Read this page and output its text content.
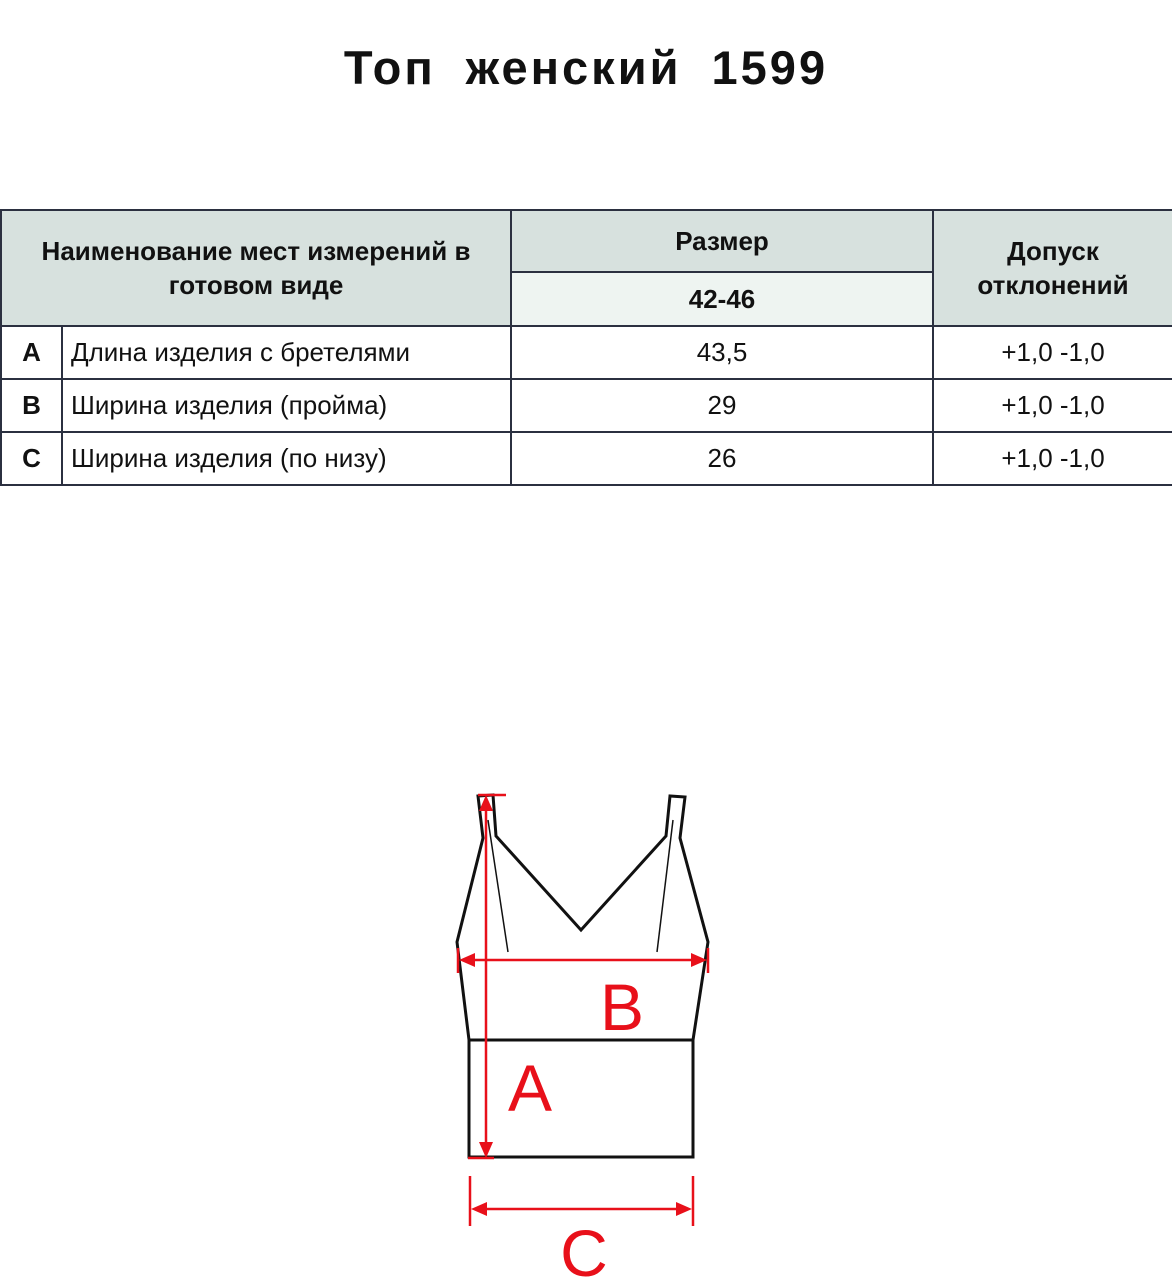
Топ женский 1599
Наименование мест измерений в готовом виде		Размер	Допуск отклонений
		42-46	
A	Длина изделия с бретелями	43,5	+1,0 -1,0
B	Ширина изделия (пройма)	29	+1,0 -1,0
C	Ширина изделия (по низу)	26	+1,0 -1,0
A
B
C
